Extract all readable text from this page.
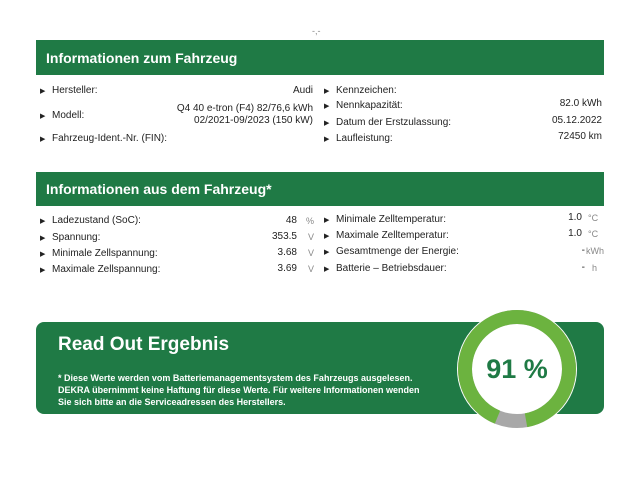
-,-
Informationen zum Fahrzeug
▶ Hersteller:	Audi
▶ Modell:
Q4 40 e-tron (F4) 82/76,6 kWh
02/2021-09/2023 (150 kW)
▶ Fahrzeug-Ident.-Nr. (FIN):
▶ Kennzeichen:
▶ Nennkapazität:	82.0 kWh
▶ Datum der Erstzulassung:	05.12.2022
▶ Laufleistung:	72450 km
Informationen aus dem Fahrzeug*
▶ Ladezustand (SoC):	48 %
▶ Spannung:	353.5 V
▶ Minimale Zellspannung:	3.68 V
▶ Maximale Zellspannung:	3.69 V
▶ Minimale Zelltemperatur:	1.0 °C
▶ Maximale Zelltemperatur:	1.0 °C
▶ Gesamtmenge der Energie:	- kWh
▶ Batterie – Betriebsdauer:	- h
Read Out Ergebnis
* Diese Werte werden vom Batteriemanagementsystem des Fahrzeugs ausgelesen. DEKRA übernimmt keine Haftung für diese Werte. Für weitere Informationen wenden Sie sich bitte an die Serviceadressen des Herstellers.
91 %
